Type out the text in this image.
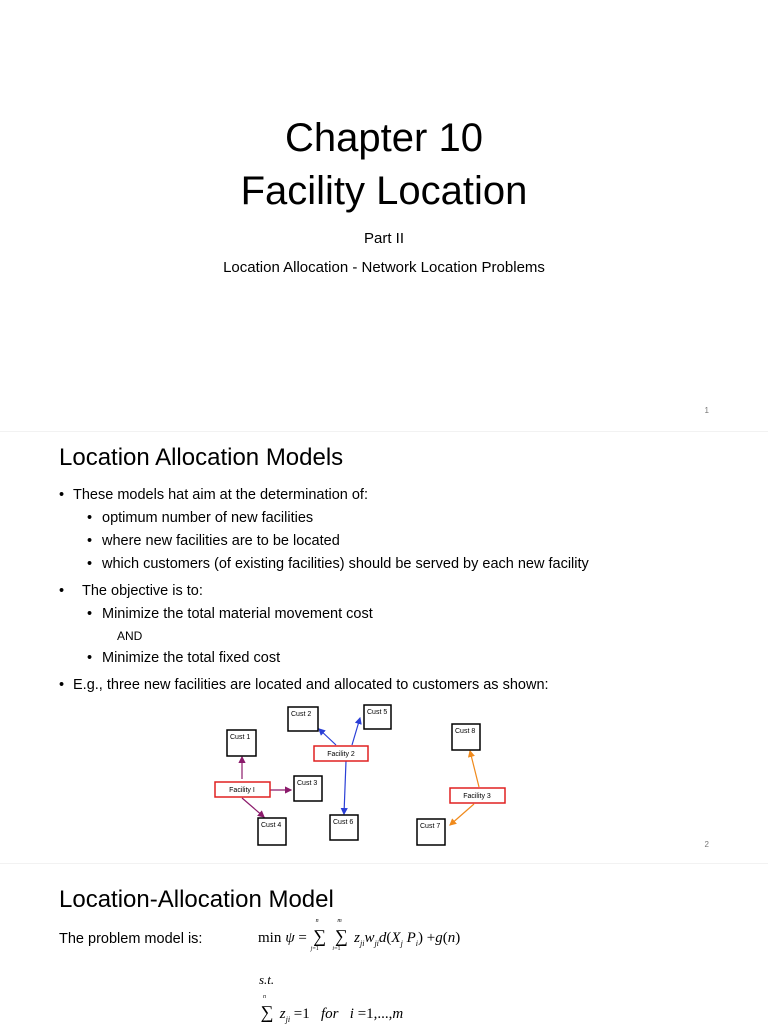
Chapter 10
Facility Location
Part II
Location Allocation - Network Location Problems
1
Location Allocation Models
• These models hat aim at the determination of:
• optimum number of new facilities
• where new facilities are to be located
• which customers (of existing facilities) should be served by each new facility
• The objective is to:
• Minimize the total material movement cost
AND
• Minimize the total fixed cost
• E.g., three new facilities are located and allocated to customers as shown:
Facility I
Facility 2
Facility 3
Cust 1
Cust 2
Cust 3
Cust 4
Cust 5
Cust 6
Cust 7
Cust 8
2
Location-Allocation Model
The problem model is:	min ψ =
n
∑
j=1

m
∑
i=1
$z_{ji}w_{ji}d(X_j$ $P_i) +g(n)$
s.t.
n
∑ $z_{ji} =1$   for i =1,...,m
